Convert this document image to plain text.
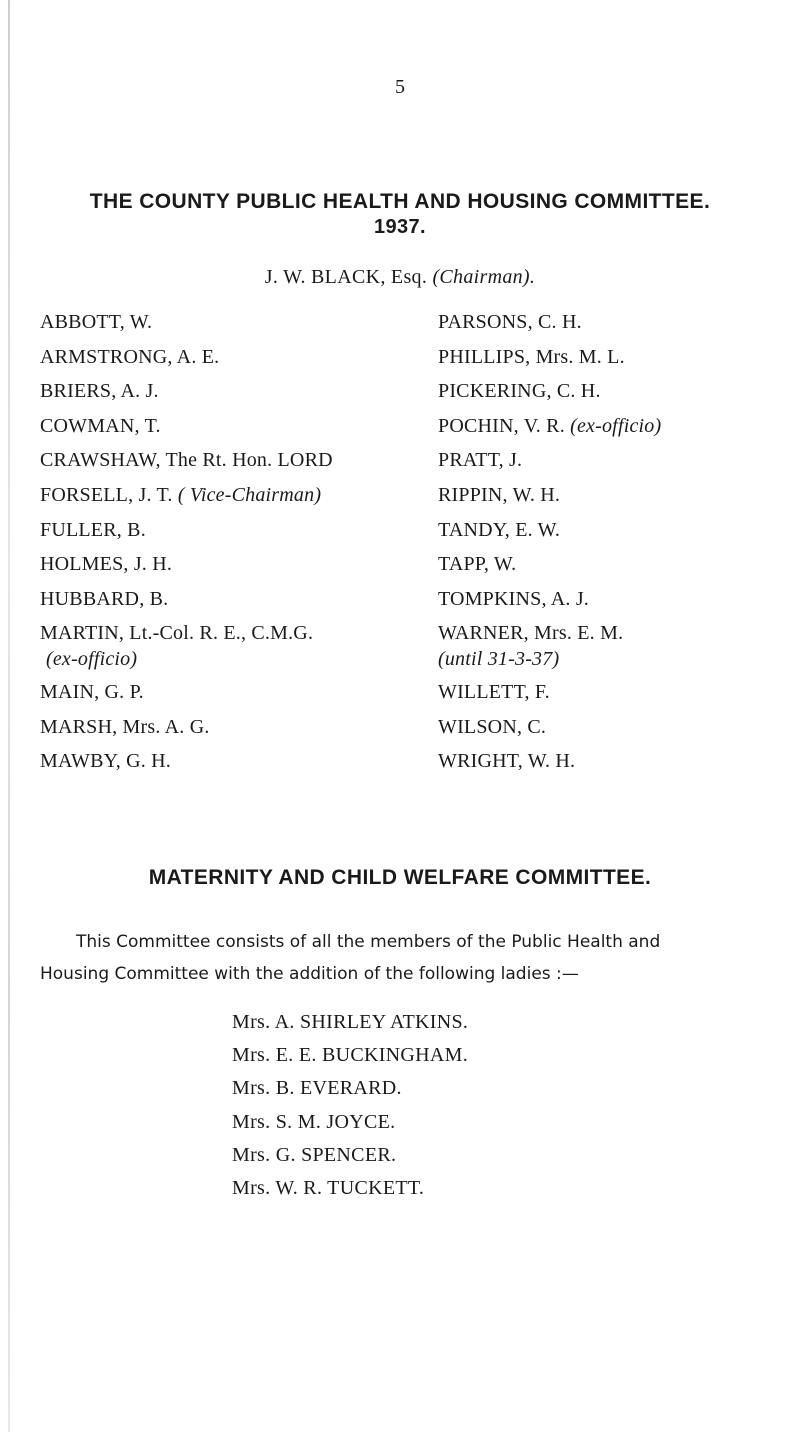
5
THE COUNTY PUBLIC HEALTH AND HOUSING COMMITTEE.
1937.
J. W. BLACK, Esq. (Chairman).
ABBOTT, W.
ARMSTRONG, A. E.
BRIERS, A. J.
COWMAN, T.
CRAWSHAW, The Rt. Hon. LORD
FORSELL, J. T. ( Vice-Chairman)
FULLER, B.
HOLMES, J. H.
HUBBARD, B.
MARTIN, Lt.-Col. R. E., C.M.G.
(ex-officio)
MAIN, G. P.
MARSH, Mrs. A. G.
MAWBY, G. H.
PARSONS, C. H.
PHILLIPS, Mrs. M. L.
PICKERING, C. H.
POCHIN, V. R. (ex-officio)
PRATT, J.
RIPPIN, W. H.
TANDY, E. W.
TAPP, W.
TOMPKINS, A. J.
WARNER, Mrs. E. M.
(until 31-3-37)
WILLETT, F.
WILSON, C.
WRIGHT, W. H.
MATERNITY AND CHILD WELFARE COMMITTEE.
This Committee consists of all the members of the Public Health and
Housing Committee with the addition of the following ladies :—
Mrs. A. SHIRLEY ATKINS.
Mrs. E. E. BUCKINGHAM.
Mrs. B. EVERARD.
Mrs. S. M. JOYCE.
Mrs. G. SPENCER.
Mrs. W. R. TUCKETT.
